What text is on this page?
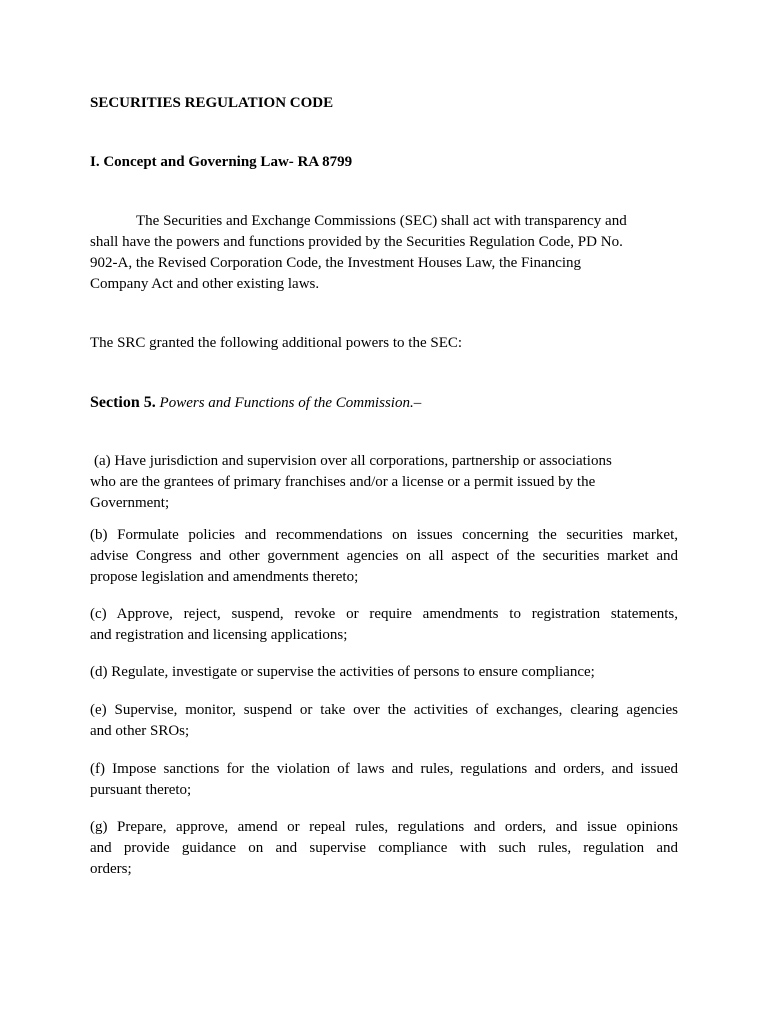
SECURITIES REGULATION CODE
I. Concept and Governing Law- RA 8799
The Securities and Exchange Commissions (SEC) shall act with transparency and
shall have the powers and functions provided by the Securities Regulation Code, PD No.
902-A, the Revised Corporation Code, the Investment Houses Law, the Financing
Company Act and other existing laws.
The SRC granted the following additional powers to the SEC:
Section 5. Powers and Functions of the Commission.–
(a) Have jurisdiction and supervision over all corporations, partnership or associations
who are the grantees of primary franchises and/or a license or a permit issued by the
Government;
(b) Formulate policies and recommendations on issues concerning the securities market,
advise Congress and other government agencies on all aspect of the securities market and
propose legislation and amendments thereto;
(c) Approve, reject, suspend, revoke or require amendments to registration statements,
and registration and licensing applications;
(d) Regulate, investigate or supervise the activities of persons to ensure compliance;
(e) Supervise, monitor, suspend or take over the activities of exchanges, clearing agencies
and other SROs;
(f) Impose sanctions for the violation of laws and rules, regulations and orders, and issued
pursuant thereto;
(g) Prepare, approve, amend or repeal rules, regulations and orders, and issue opinions
and provide guidance on and supervise compliance with such rules, regulation and
orders;
